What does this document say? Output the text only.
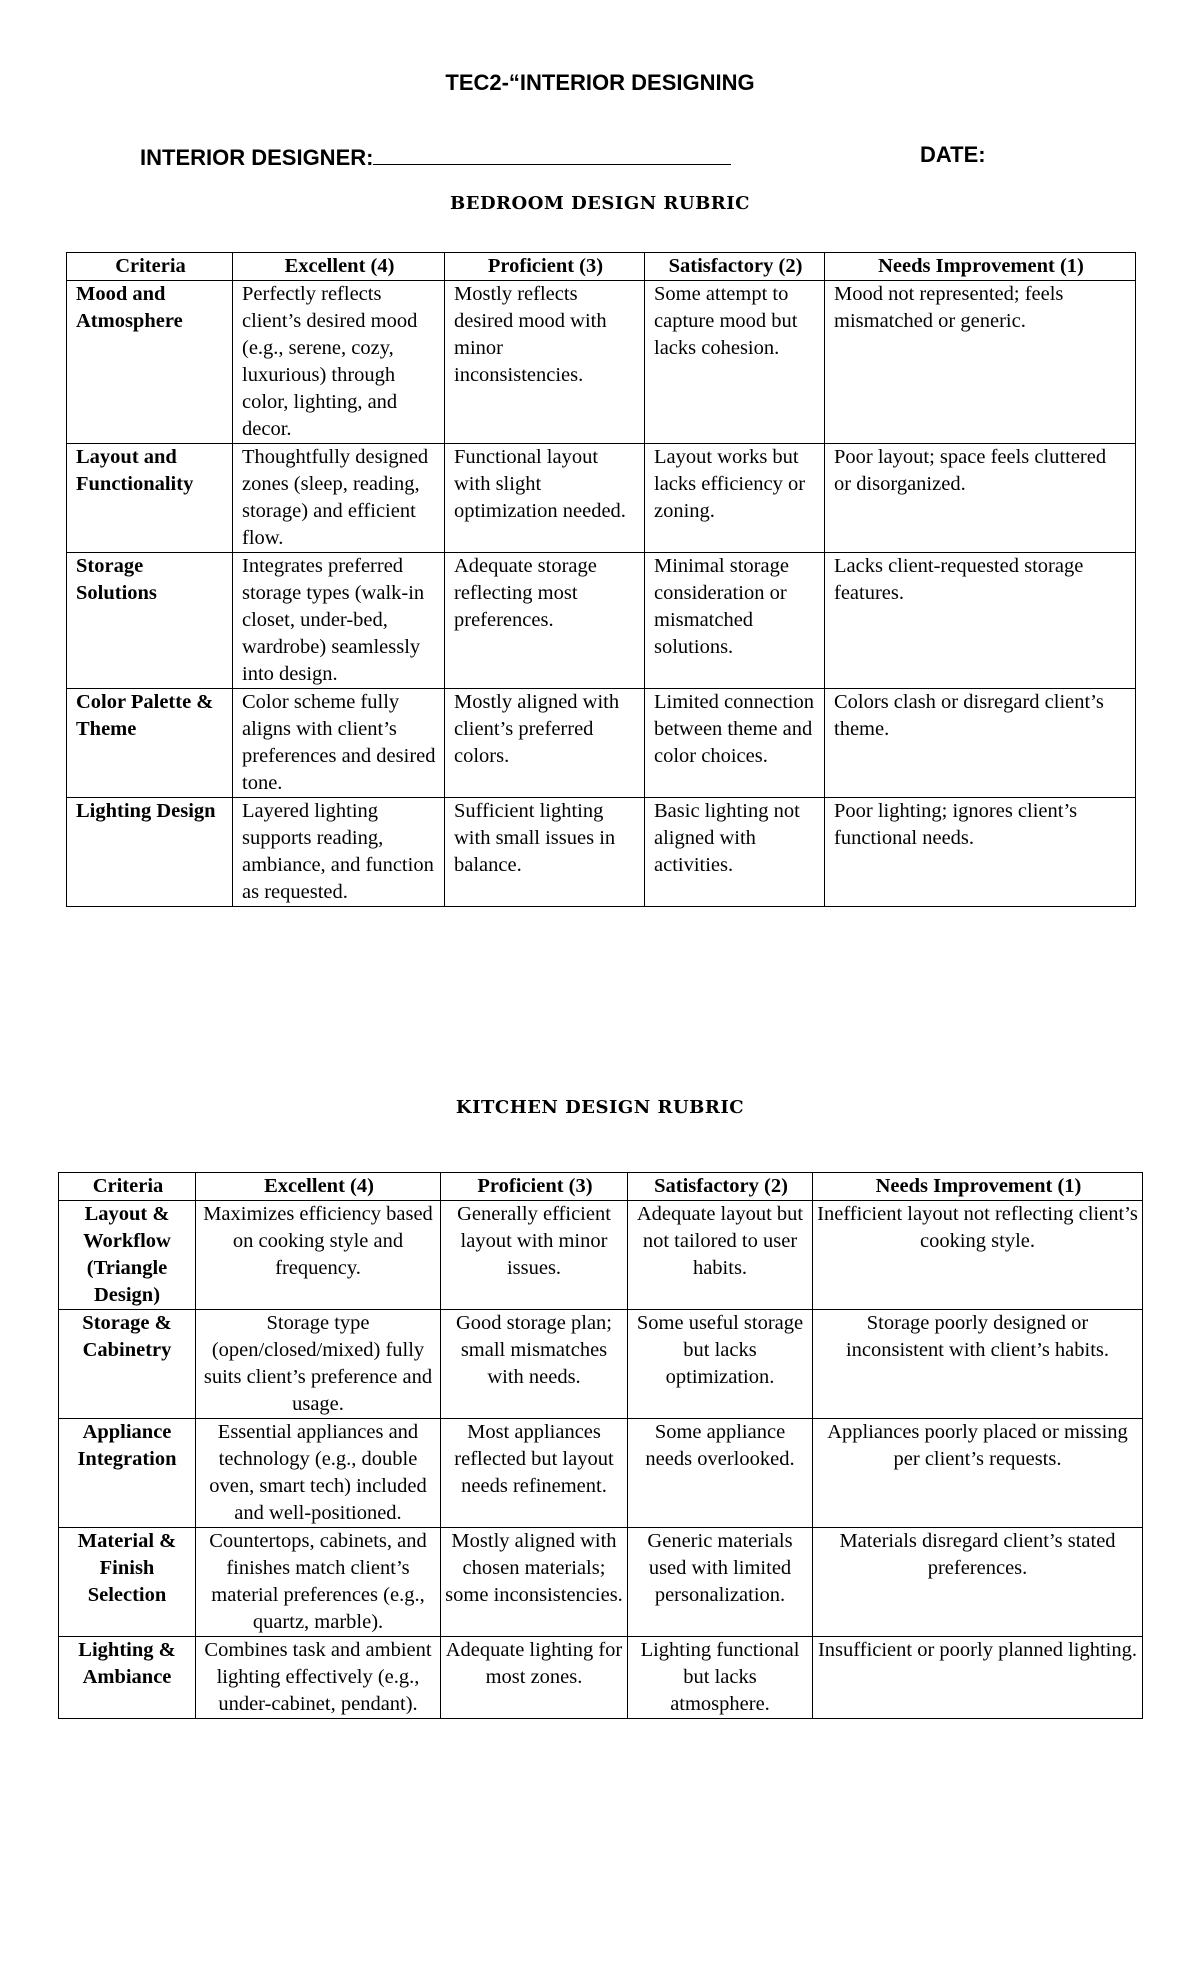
TEC2-“INTERIOR DESIGNING
INTERIOR DESIGNER:	DATE:
BEDROOM DESIGN RUBRIC
Criteria	Excellent (4)	Proficient (3)	Satisfactory (2)	Needs Improvement (1)
Mood and Atmosphere	Perfectly reflects client’s desired mood (e.g., serene, cozy, luxurious) through color, lighting, and decor.	Mostly reflects desired mood with minor inconsistencies.	Some attempt to capture mood but lacks cohesion.	Mood not represented; feels mismatched or generic.
Layout and Functionality	Thoughtfully designed zones (sleep, reading, storage) and efficient flow.	Functional layout with slight optimization needed.	Layout works but lacks efficiency or zoning.	Poor layout; space feels cluttered or disorganized.
Storage Solutions	Integrates preferred storage types (walk-in closet, under-bed, wardrobe) seamlessly into design.	Adequate storage reflecting most preferences.	Minimal storage consideration or mismatched solutions.	Lacks client-requested storage features.
Color Palette & Theme	Color scheme fully aligns with client’s preferences and desired tone.	Mostly aligned with client’s preferred colors.	Limited connection between theme and color choices.	Colors clash or disregard client’s theme.
Lighting Design	Layered lighting supports reading, ambiance, and function as requested.	Sufficient lighting with small issues in balance.	Basic lighting not aligned with activities.	Poor lighting; ignores client’s functional needs.
KITCHEN DESIGN RUBRIC
Criteria	Excellent (4)	Proficient (3)	Satisfactory (2)	Needs Improvement (1)
Layout & Workflow (Triangle Design)	Maximizes efficiency based on cooking style and frequency.	Generally efficient layout with minor issues.	Adequate layout but not tailored to user habits.	Inefficient layout not reflecting client’s cooking style.
Storage & Cabinetry	Storage type (open/closed/mixed) fully suits client’s preference and usage.	Good storage plan; small mismatches with needs.	Some useful storage but lacks optimization.	Storage poorly designed or inconsistent with client’s habits.
Appliance Integration	Essential appliances and technology (e.g., double oven, smart tech) included and well-positioned.	Most appliances reflected but layout needs refinement.	Some appliance needs overlooked.	Appliances poorly placed or missing per client’s requests.
Material & Finish Selection	Countertops, cabinets, and finishes match client’s material preferences (e.g., quartz, marble).	Mostly aligned with chosen materials; some inconsistencies.	Generic materials used with limited personalization.	Materials disregard client’s stated preferences.
Lighting & Ambiance	Combines task and ambient lighting effectively (e.g., under-cabinet, pendant).	Adequate lighting for most zones.	Lighting functional but lacks atmosphere.	Insufficient or poorly planned lighting.
